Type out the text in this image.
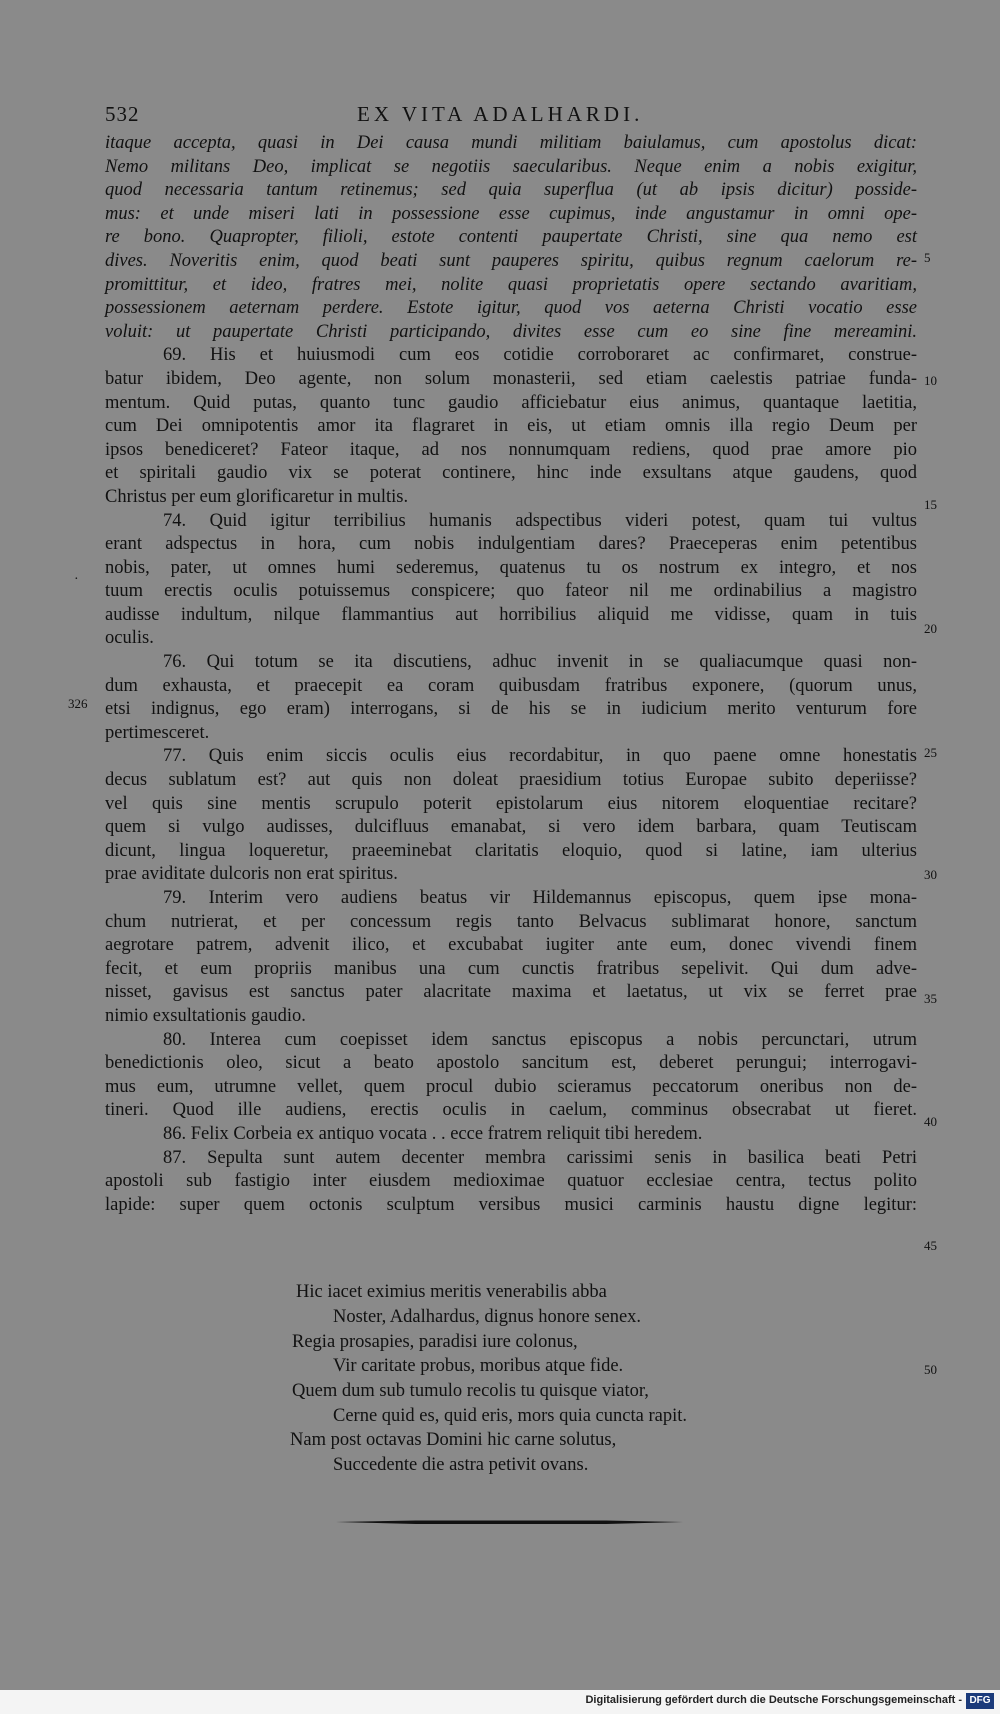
532	EX VITA ADALHARDI.
itaque accepta, quasi in Dei causa mundi militiam baiulamus, cum apostolus dicat:
Nemo militans Deo, implicat se negotiis saecularibus. Neque enim a nobis exigitur,
quod necessaria tantum retinemus; sed quia superflua (ut ab ipsis dicitur) posside-
mus: et unde miseri lati in possessione esse cupimus, inde angustamur in omni ope-
re bono. Quapropter, filioli, estote contenti paupertate Christi, sine qua nemo est
dives. Noveritis enim, quod beati sunt pauperes spiritu, quibus regnum caelorum re-
promittitur, et ideo, fratres mei, nolite quasi proprietatis opere sectando avaritiam,
possessionem aeternam perdere. Estote igitur, quod vos aeterna Christi vocatio esse
voluit: ut paupertate Christi participando, divites esse cum eo sine fine mereamini.
69. His et huiusmodi cum eos cotidie corroboraret ac confirmaret, construe-
batur ibidem, Deo agente, non solum monasterii, sed etiam caelestis patriae funda-
mentum. Quid putas, quanto tunc gaudio afficiebatur eius animus, quantaque laetitia,
cum Dei omnipotentis amor ita flagraret in eis, ut etiam omnis illa regio Deum per
ipsos benediceret? Fateor itaque, ad nos nonnumquam rediens, quod prae amore pio
et spiritali gaudio vix se poterat continere, hinc inde exsultans atque gaudens, quod
Christus per eum glorificaretur in multis.
74. Quid igitur terribilius humanis adspectibus videri potest, quam tui vultus
erant adspectus in hora, cum nobis indulgentiam dares? Praeceperas enim petentibus
nobis, pater, ut omnes humi sederemus, quatenus tu os nostrum ex integro, et nos
tuum erectis oculis potuissemus conspicere; quo fateor nil me ordinabilius a magistro
audisse indultum, nilque flammantius aut horribilius aliquid me vidisse, quam in tuis
oculis.
76. Qui totum se ita discutiens, adhuc invenit in se qualiacumque quasi non-
dum exhausta, et praecepit ea coram quibusdam fratribus exponere, (quorum unus,
etsi indignus, ego eram) interrogans, si de his se in iudicium merito venturum fore
pertimesceret.
77. Quis enim siccis oculis eius recordabitur, in quo paene omne honestatis
decus sublatum est? aut quis non doleat praesidium totius Europae subito deperiisse?
vel quis sine mentis scrupulo poterit epistolarum eius nitorem eloquentiae recitare?
quem si vulgo audisses, dulcifluus emanabat, si vero idem barbara, quam Teutiscam
dicunt, lingua loqueretur, praeeminebat claritatis eloquio, quod si latine, iam ulterius
prae aviditate dulcoris non erat spiritus.
79. Interim vero audiens beatus vir Hildemannus episcopus, quem ipse mona-
chum nutrierat, et per concessum regis tanto Belvacus sublimarat honore, sanctum
aegrotare patrem, advenit ilico, et excubabat iugiter ante eum, donec vivendi finem
fecit, et eum propriis manibus una cum cunctis fratribus sepelivit. Qui dum adve-
nisset, gavisus est sanctus pater alacritate maxima et laetatus, ut vix se ferret prae
nimio exsultationis gaudio.
80. Interea cum coepisset idem sanctus episcopus a nobis percunctari, utrum
benedictionis oleo, sicut a beato apostolo sancitum est, deberet perungui; interrogavi-
mus eum, utrumne vellet, quem procul dubio scieramus peccatorum oneribus non de-
tineri. Quod ille audiens, erectis oculis in caelum, comminus obsecrabat ut fieret.
86. Felix Corbeia ex antiquo vocata . . ecce fratrem reliquit tibi heredem.
87. Sepulta sunt autem decenter membra carissimi senis in basilica beati Petri
apostoli sub fastigio inter eiusdem medioximae quatuor ecclesiae centra, tectus polito
lapide: super quem octonis sculptum versibus musici carminis haustu digne legitur:
Hic iacet eximius meritis venerabilis abba
Noster, Adalhardus, dignus honore senex.
Regia prosapies, paradisi iure colonus,
Vir caritate probus, moribus atque fide.
Quem dum sub tumulo recolis tu quisque viator,
Cerne quid es, quid eris, mors quia cuncta rapit.
Nam post octavas Domini hic carne solutus,
Succedente die astra petivit ovans.
5
10
15
20
25
30
35
40
45
50
326
·
Digitalisierung gefördert durch die Deutsche Forschungsgemeinschaft - DFG
